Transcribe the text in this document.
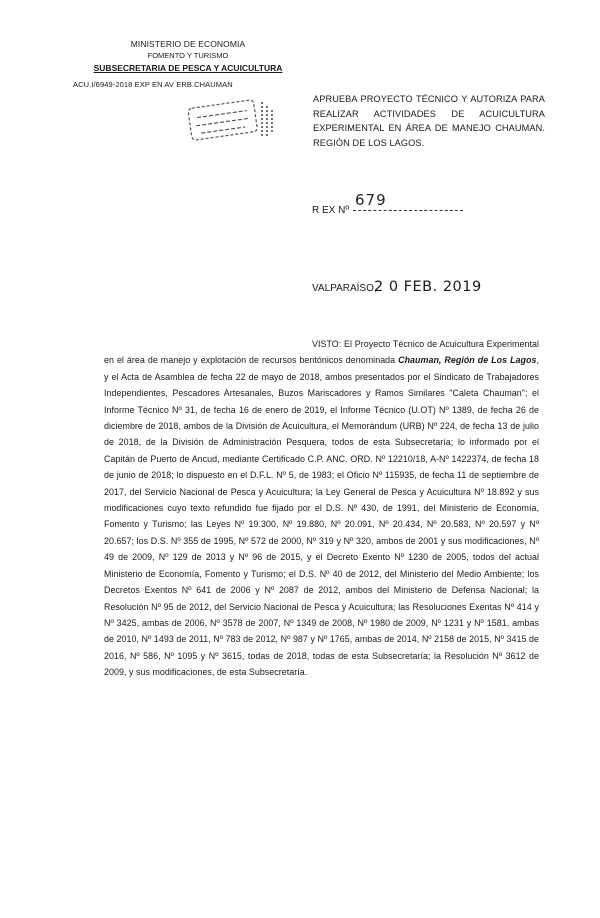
MINISTERIO DE ECONOMIA
FOMENTO Y TURISMO
SUBSECRETARIA DE PESCA Y ACUICULTURA
ACU.I/6949-2018 EXP EN AV ERB.CHAUMAN
APRUEBA PROYECTO TÉCNICO Y AUTORIZA PARA REALIZAR ACTIVIDADES DE ACUICULTURA EXPERIMENTAL EN ÁREA DE MANEJO CHAUMAN. REGIÓN DE LOS LAGOS.
679
R EX Nº
VALPARAÍSO,
2 0 FEB. 2019
VISTO: El Proyecto Técnico de Acuicultura Experimental en el área de manejo y explotación de recursos bentónicos denominada Chauman, Región de Los Lagos, y el Acta de Asamblea de fecha 22 de mayo de 2018, ambos presentados por el Sindicato de Trabajadores Independientes, Pescadores Artesanales, Buzos Mariscadores y Ramos Similares "Caleta Chauman"; el Informe Técnico Nº 31, de fecha 16 de enero de 2019, el Informe Técnico (U.OT) Nº 1389, de fecha 26 de diciembre de 2018, ambos de la División de Acuicultura, el Memorándum (URB) Nº 224, de fecha 13 de julio de 2018, de la División de Administración Pesquera, todos de esta Subsecretaría; lo informado por el Capitán de Puerto de Ancud, mediante Certificado C.P. ANC. ORD. Nº 12210/18, A-Nº 1422374, de fecha 18 de junio de 2018; lo dispuesto en el D.F.L. Nº 5, de 1983; el Oficio Nº 115935, de fecha 11 de septiembre de 2017, del Servicio Nacional de Pesca y Acuicultura; la Ley General de Pesca y Acuicultura Nº 18.892 y sus modificaciones cuyo texto refundido fue fijado por el D.S. Nº 430, de 1991, del Ministerio de Economía, Fomento y Turismo; las Leyes Nº 19.300, Nº 19.880, Nº 20.091, Nº 20.434, Nº 20.583, Nº 20.597 y Nº 20.657; los D.S. Nº 355 de 1995, Nº 572 de 2000, Nº 319 y Nº 320, ambos de 2001 y sus modificaciones, Nº 49 de 2009, Nº 129 de 2013 y Nº 96 de 2015, y el Decreto Exento Nº 1230 de 2005, todos del actual Ministerio de Economía, Fomento y Turismo; el D.S. Nº 40 de 2012, del Ministerio del Medio Ambiente; los Decretos Exentos Nº 641 de 2006 y Nº 2087 de 2012, ambos del Ministerio de Defensa Nacional; la Resolución Nº 95 de 2012, del Servicio Nacional de Pesca y Acuicultura; las Resoluciones Exentas Nº 414 y Nº 3425, ambas de 2006, Nº 3578 de 2007, Nº 1349 de 2008, Nº 1980 de 2009, Nº 1231 y Nº 1581, ambas de 2010, Nº 1493 de 2011, Nº 783 de 2012, Nº 987 y Nº 1765, ambas de 2014, Nº 2158 de 2015, Nº 3415 de 2016, Nº 586, Nº 1095 y Nº 3615, todas de 2018, todas de esta Subsecretaría; la Resolución Nº 3612 de 2009, y sus modificaciones, de esta Subsecretaría.
